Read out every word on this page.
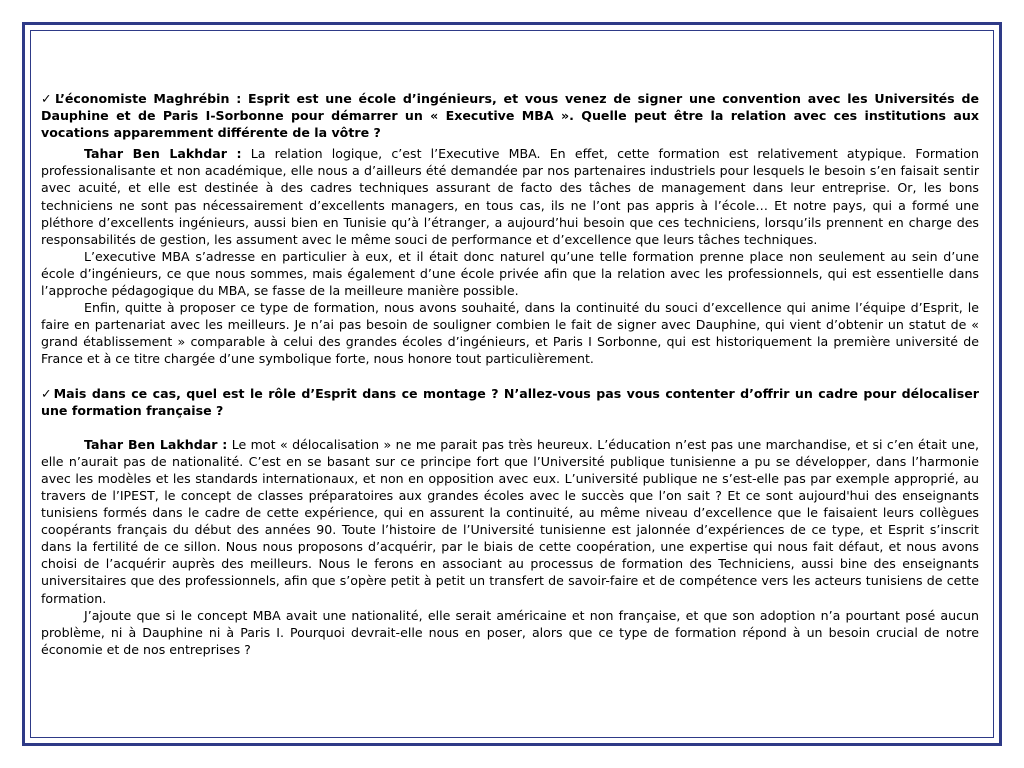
✓L’économiste Maghrébin : Esprit est une école d’ingénieurs, et vous venez de signer une convention avec les Universités de Dauphine et de Paris I-Sorbonne pour démarrer un « Executive MBA ». Quelle peut être la relation avec ces institutions aux vocations apparemment différente de la vôtre ?

Tahar Ben Lakhdar : La relation logique, c’est l’Executive MBA. En effet, cette formation est relativement atypique. Formation professionalisante et non académique, elle nous a d’ailleurs été demandée par nos partenaires industriels pour lesquels le besoin s’en faisait sentir avec acuité, et elle est destinée à des cadres techniques assurant de facto des tâches de management dans leur entreprise. Or, les bons techniciens ne sont pas nécessairement d’excellents managers, en tous cas, ils ne l’ont pas appris à l’école… Et notre pays, qui a formé une pléthore d’excellents ingénieurs, aussi bien en Tunisie qu’à l’étranger, a aujourd’hui besoin que ces techniciens, lorsqu’ils prennent en charge des responsabilités de gestion, les assument avec le même souci de performance et d’excellence que leurs tâches techniques.

L’executive MBA s’adresse en particulier à eux, et il était donc naturel qu’une telle formation prenne place non seulement au sein d’une école d’ingénieurs, ce que nous sommes, mais également d’une école privée afin que la relation avec les professionnels, qui est essentielle dans l’approche pédagogique du MBA, se fasse de la meilleure manière possible.

Enfin, quitte à proposer ce type de formation, nous avons souhaité, dans la continuité du souci d’excellence qui anime l’équipe d’Esprit, le faire en partenariat avec les meilleurs. Je n’ai pas besoin de souligner combien le fait de signer avec Dauphine, qui vient d’obtenir un statut de « grand établissement » comparable à celui des grandes écoles d’ingénieurs, et Paris I Sorbonne, qui est historiquement la première université de France et à ce titre chargée d’une symbolique forte, nous honore tout particulièrement.

✓Mais dans ce cas, quel est le rôle d’Esprit dans ce montage ? N’allez-vous pas vous contenter d’offrir un cadre pour délocaliser une formation française ?

Tahar Ben Lakhdar : Le mot « délocalisation » ne me parait pas très heureux. L’éducation n’est pas une marchandise, et si c’en était une, elle n’aurait pas de nationalité. C’est en se basant sur ce principe fort que l’Université publique tunisienne a pu se développer, dans l’harmonie avec les modèles et les standards internationaux, et non en opposition avec eux. L’université publique ne s’est-elle pas par exemple approprié, au travers de l’IPEST, le concept de classes préparatoires aux grandes écoles avec le succès que l’on sait ? Et ce sont aujourd'hui des enseignants tunisiens formés dans le cadre de cette expérience, qui en assurent la continuité, au même niveau d’excellence que le faisaient leurs collègues coopérants français du début des années 90. Toute l’histoire de l’Université tunisienne est jalonnée d’expériences de ce type, et Esprit s’inscrit dans la fertilité de ce sillon. Nous nous proposons d’acquérir, par le biais de cette coopération, une expertise qui nous fait défaut, et nous avons choisi de l’acquérir auprès des meilleurs. Nous le ferons en associant au processus de formation des Techniciens, aussi bine des enseignants universitaires que des professionnels, afin que s’opère petit à petit un transfert de savoir-faire et de compétence vers les acteurs tunisiens de cette formation.

J’ajoute que si le concept MBA avait une nationalité, elle serait américaine et non française, et que son adoption n’a pourtant posé aucun problème, ni à Dauphine ni à Paris I. Pourquoi devrait-elle nous en poser, alors que ce type de formation répond à un besoin crucial de notre économie et de nos entreprises ?
